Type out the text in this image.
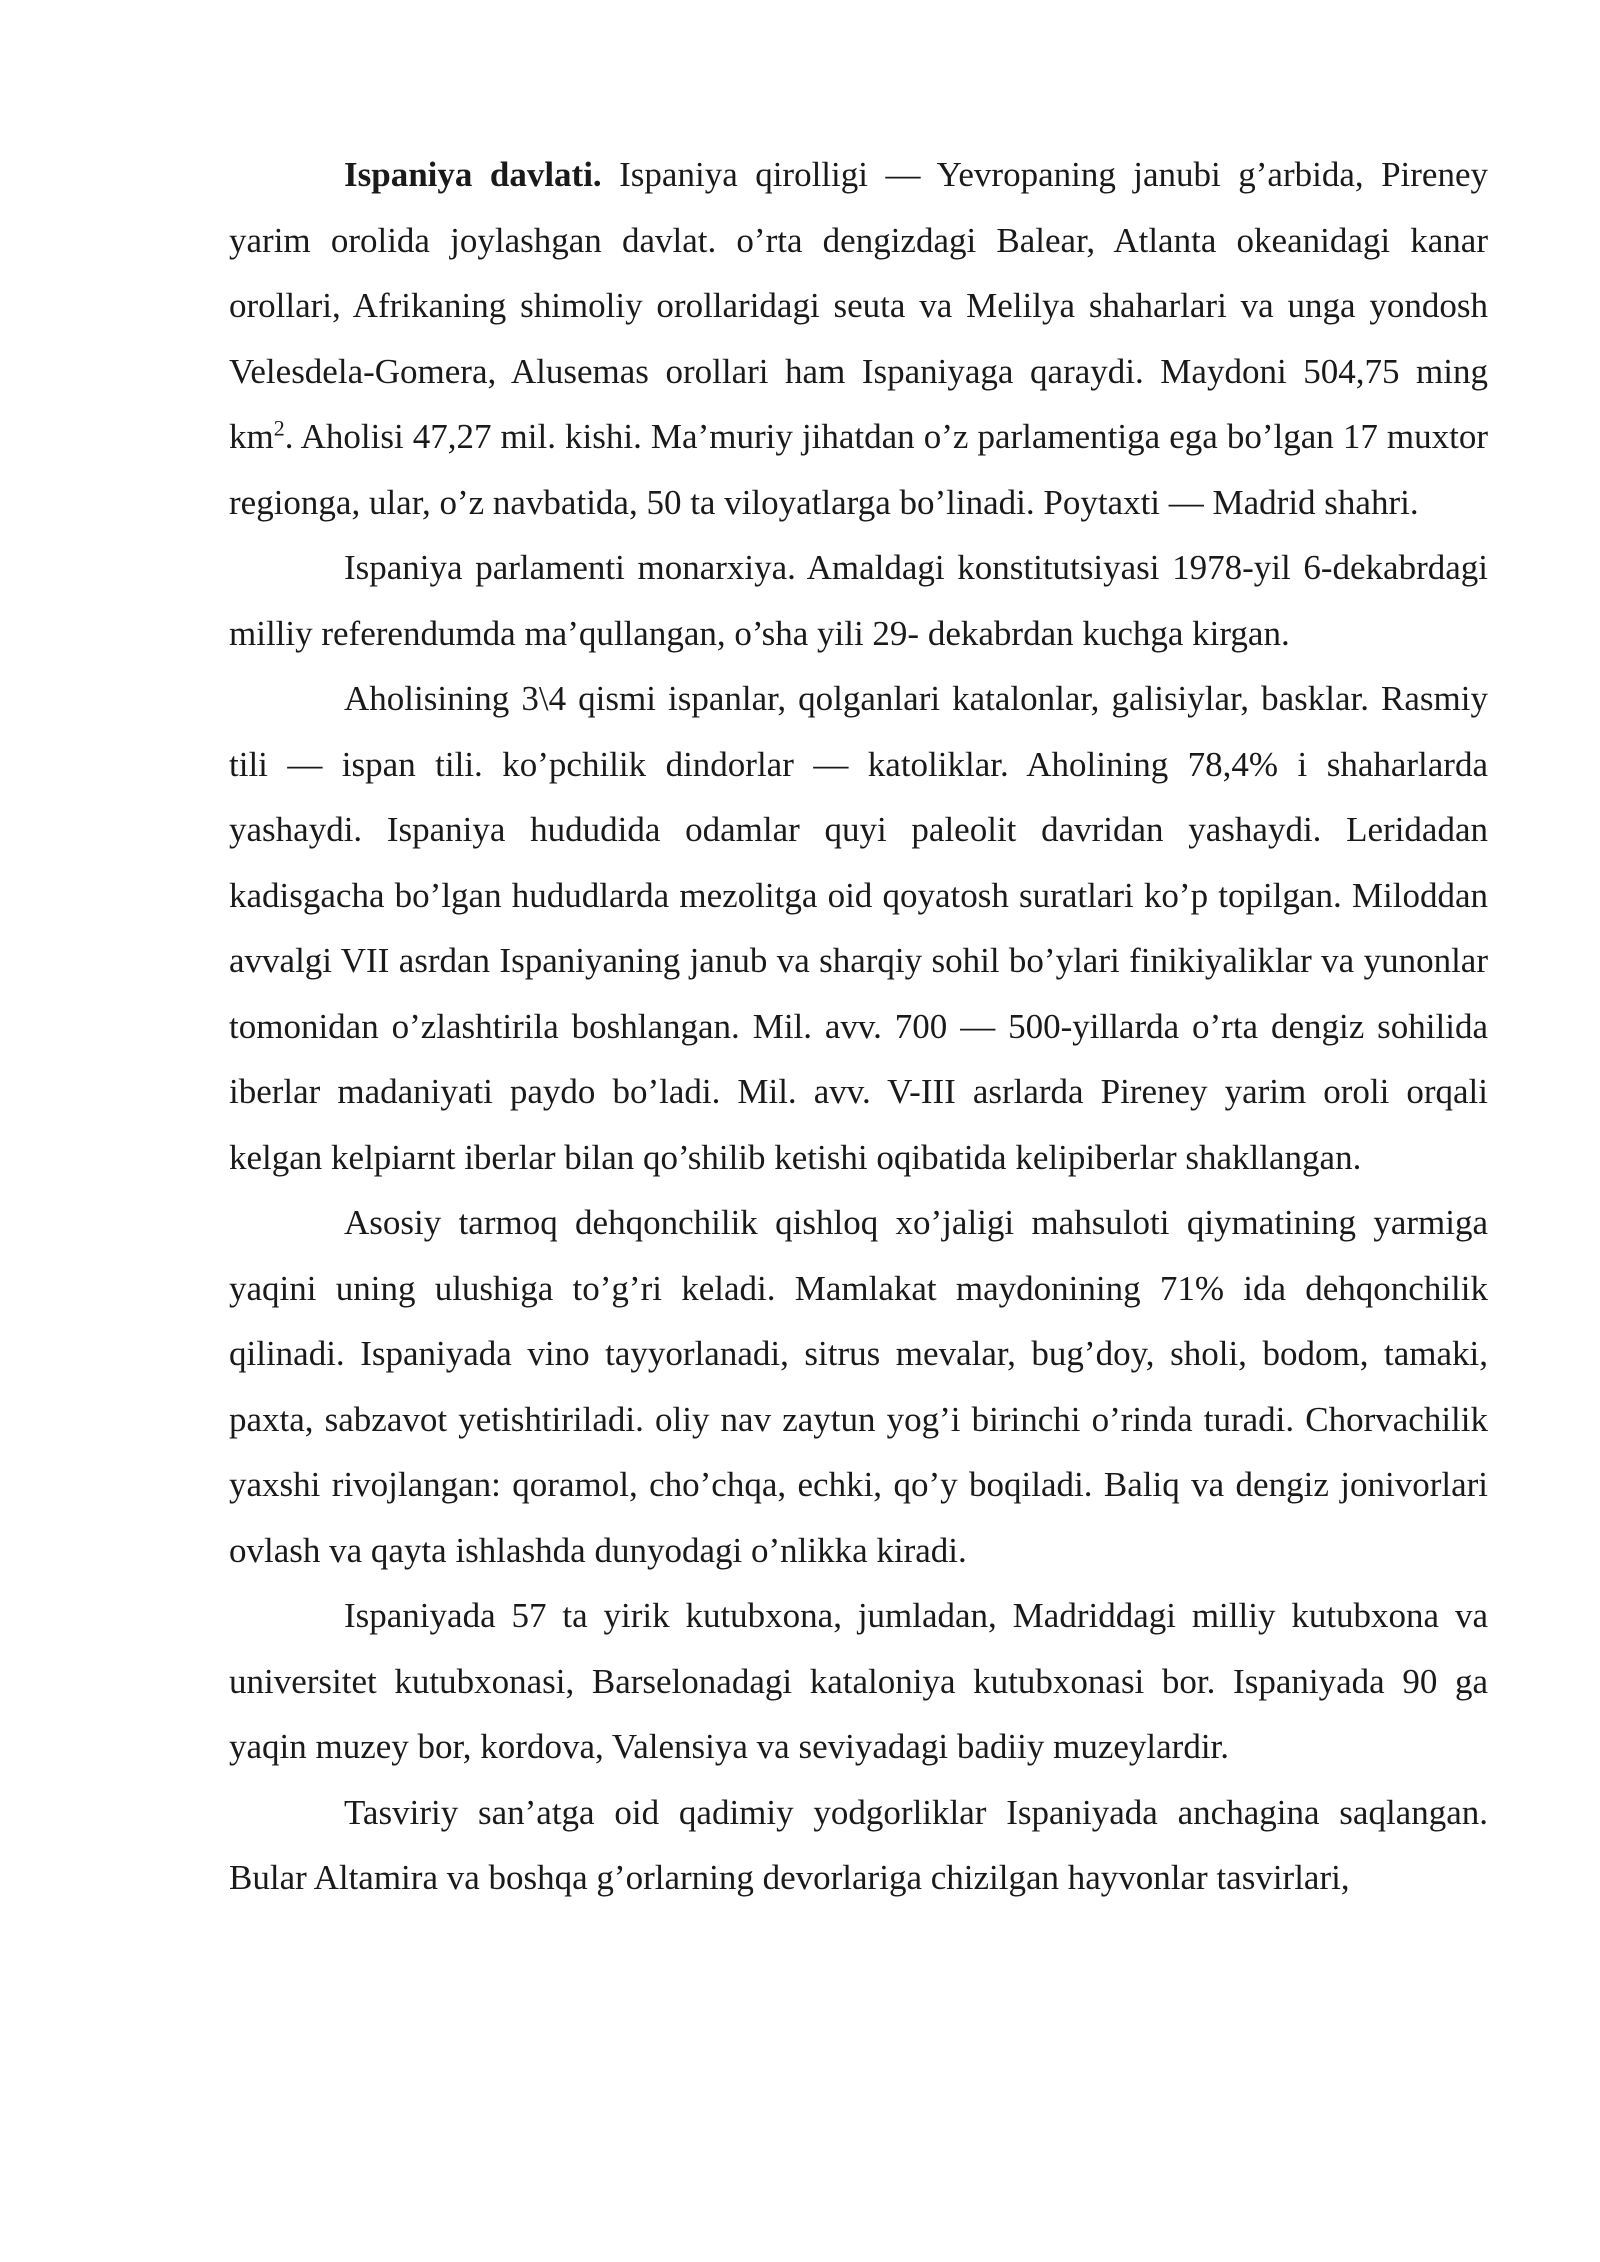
Ispaniya davlati. Ispaniya qirolligi — Yevropaning janubi g’arbida, Pireney yarim orolida joylashgan davlat. o’rta dengizdagi Balear, Atlanta okeanidagi kanar orollari, Afrikaning shimoliy orollaridagi seuta va Melilya shaharlari va unga yondosh Velesdela-Gomera, Alusemas orollari ham Ispaniyaga qaraydi. Maydoni 504,75 ming $km^2$. Aholisi 47,27 mil. kishi. Ma’muriy jihatdan o’z parlamentiga ega bo’lgan 17 muxtor regionga, ular, o’z navbatida, 50 ta viloyatlarga bo’linadi. Poytaxti — Madrid shahri.

Ispaniya parlamenti monarxiya. Amaldagi konstitutsiyasi 1978-yil 6-dekabrdagi milliy referendumda ma’qullangan, o’sha yili 29- dekabrdan kuchga kirgan.

Aholisining 3\4 qismi ispanlar, qolganlari katalonlar, galisiylar, basklar. Rasmiy tili — ispan tili. ko’pchilik dindorlar — katoliklar. Aholining 78,4% i shaharlarda yashaydi. Ispaniya hududida odamlar quyi paleolit davridan yashaydi. Leridadan kadisgacha bo’lgan hududlarda mezolitga oid qoyatosh suratlari ko’p topilgan. Miloddan avvalgi VII asrdan Ispaniyaning janub va sharqiy sohil bo’ylari finikiyaliklar va yunonlar tomonidan o’zlashtirila boshlangan. Mil. avv. 700 — 500-yillarda o’rta dengiz sohilida iberlar madaniyati paydo bo’ladi. Mil. avv. V-III asrlarda Pireney yarim oroli orqali kelgan kelpiarnt iberlar bilan qo’shilib ketishi oqibatida kelipiberlar shakllangan.

Asosiy tarmoq dehqonchilik qishloq xo’jaligi mahsuloti qiymatining yarmiga yaqini uning ulushiga to’g’ri keladi. Mamlakat maydonining 71% ida dehqonchilik qilinadi. Ispaniyada vino tayyorlanadi, sitrus mevalar, bug’doy, sholi, bodom, tamaki, paxta, sabzavot yetishtiriladi. oliy nav zaytun yog’i birinchi o’rinda turadi. Chorvachilik yaxshi rivojlangan: qoramol, cho’chqa, echki, qo’y boqiladi. Baliq va dengiz jonivorlari ovlash va qayta ishlashda dunyodagi o’nlikka kiradi.

Ispaniyada 57 ta yirik kutubxona, jumladan, Madriddagi milliy kutubxona va universitet kutubxonasi, Barselonadagi kataloniya kutubxonasi bor. Ispaniyada 90 ga yaqin muzey bor, kordova, Valensiya va seviyadagi badiiy muzeylardir.

Tasviriy san’atga oid qadimiy yodgorliklar Ispaniyada anchagina saqlangan. Bular Altamira va boshqa g’orlarning devorlariga chizilgan hayvonlar tasvirlari,
